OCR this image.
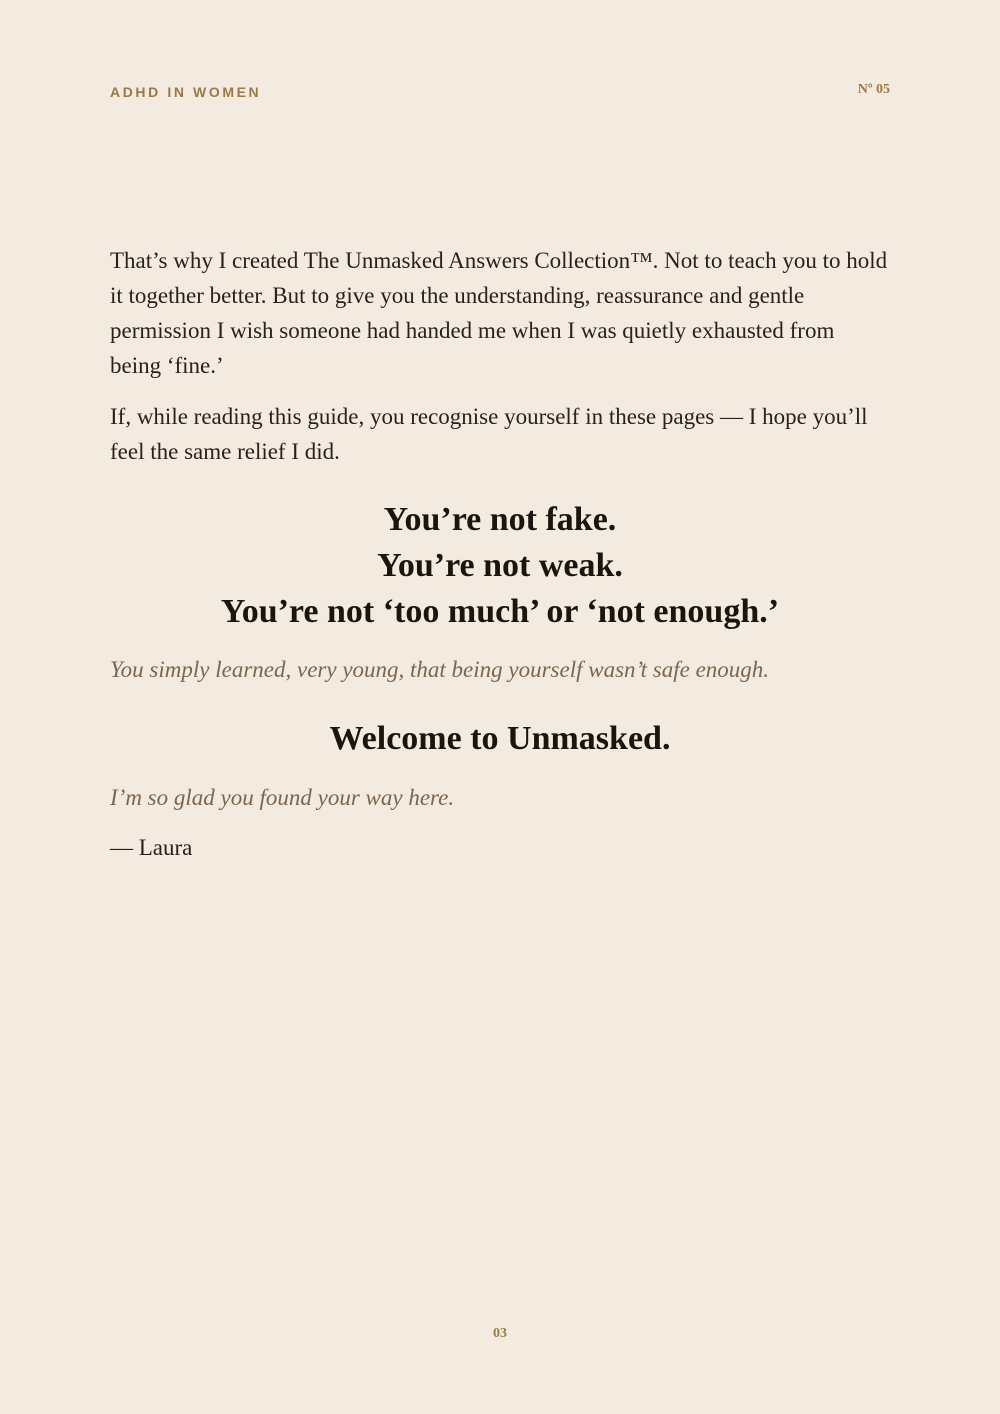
ADHD IN WOMEN	Nº 05

That’s why I created The Unmasked Answers Collection™. Not to teach you to hold it together better. But to give you the understanding, reassurance and gentle permission I wish someone had handed me when I was quietly exhausted from being ‘fine.’

If, while reading this guide, you recognise yourself in these pages — I hope you’ll feel the same relief I did.

You’re not fake.
You’re not weak.
You’re not ‘too much’ or ‘not enough.’
You simply learned, very young, that being yourself wasn’t safe enough.
Welcome to Unmasked.
I’m so glad you found your way here.
— Laura
03
